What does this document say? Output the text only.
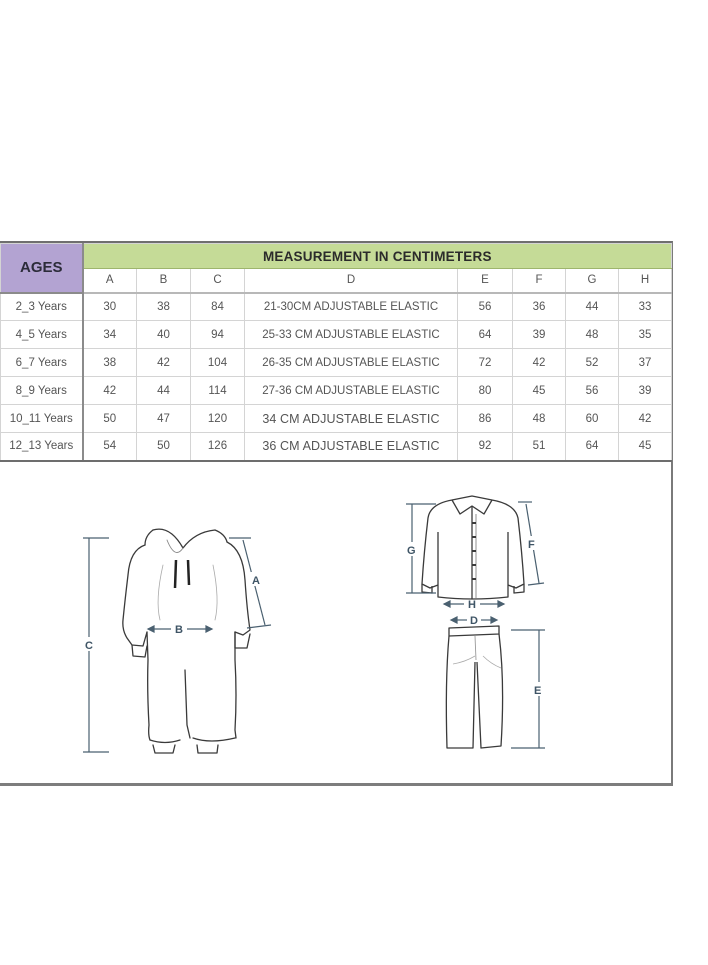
AGES	MEASUREMENT IN CENTIMETERS							
	A	B	C	D	E	F	G	H
2_3 Years	30	38	84	21-30CM ADJUSTABLE ELASTIC	56	36	44	33
4_5 Years	34	40	94	25-33 CM ADJUSTABLE ELASTIC	64	39	48	35
6_7 Years	38	42	104	26-35 CM ADJUSTABLE ELASTIC	72	42	52	37
8_9 Years	42	44	114	27-36 CM ADJUSTABLE ELASTIC	80	45	56	39
10_11 Years	50	47	120	34 CM ADJUSTABLE ELASTIC	86	48	60	42
12_13 Years	54	50	126	36 CM ADJUSTABLE ELASTIC	92	51	64	45
C
A
B
G	F
H
D
E
